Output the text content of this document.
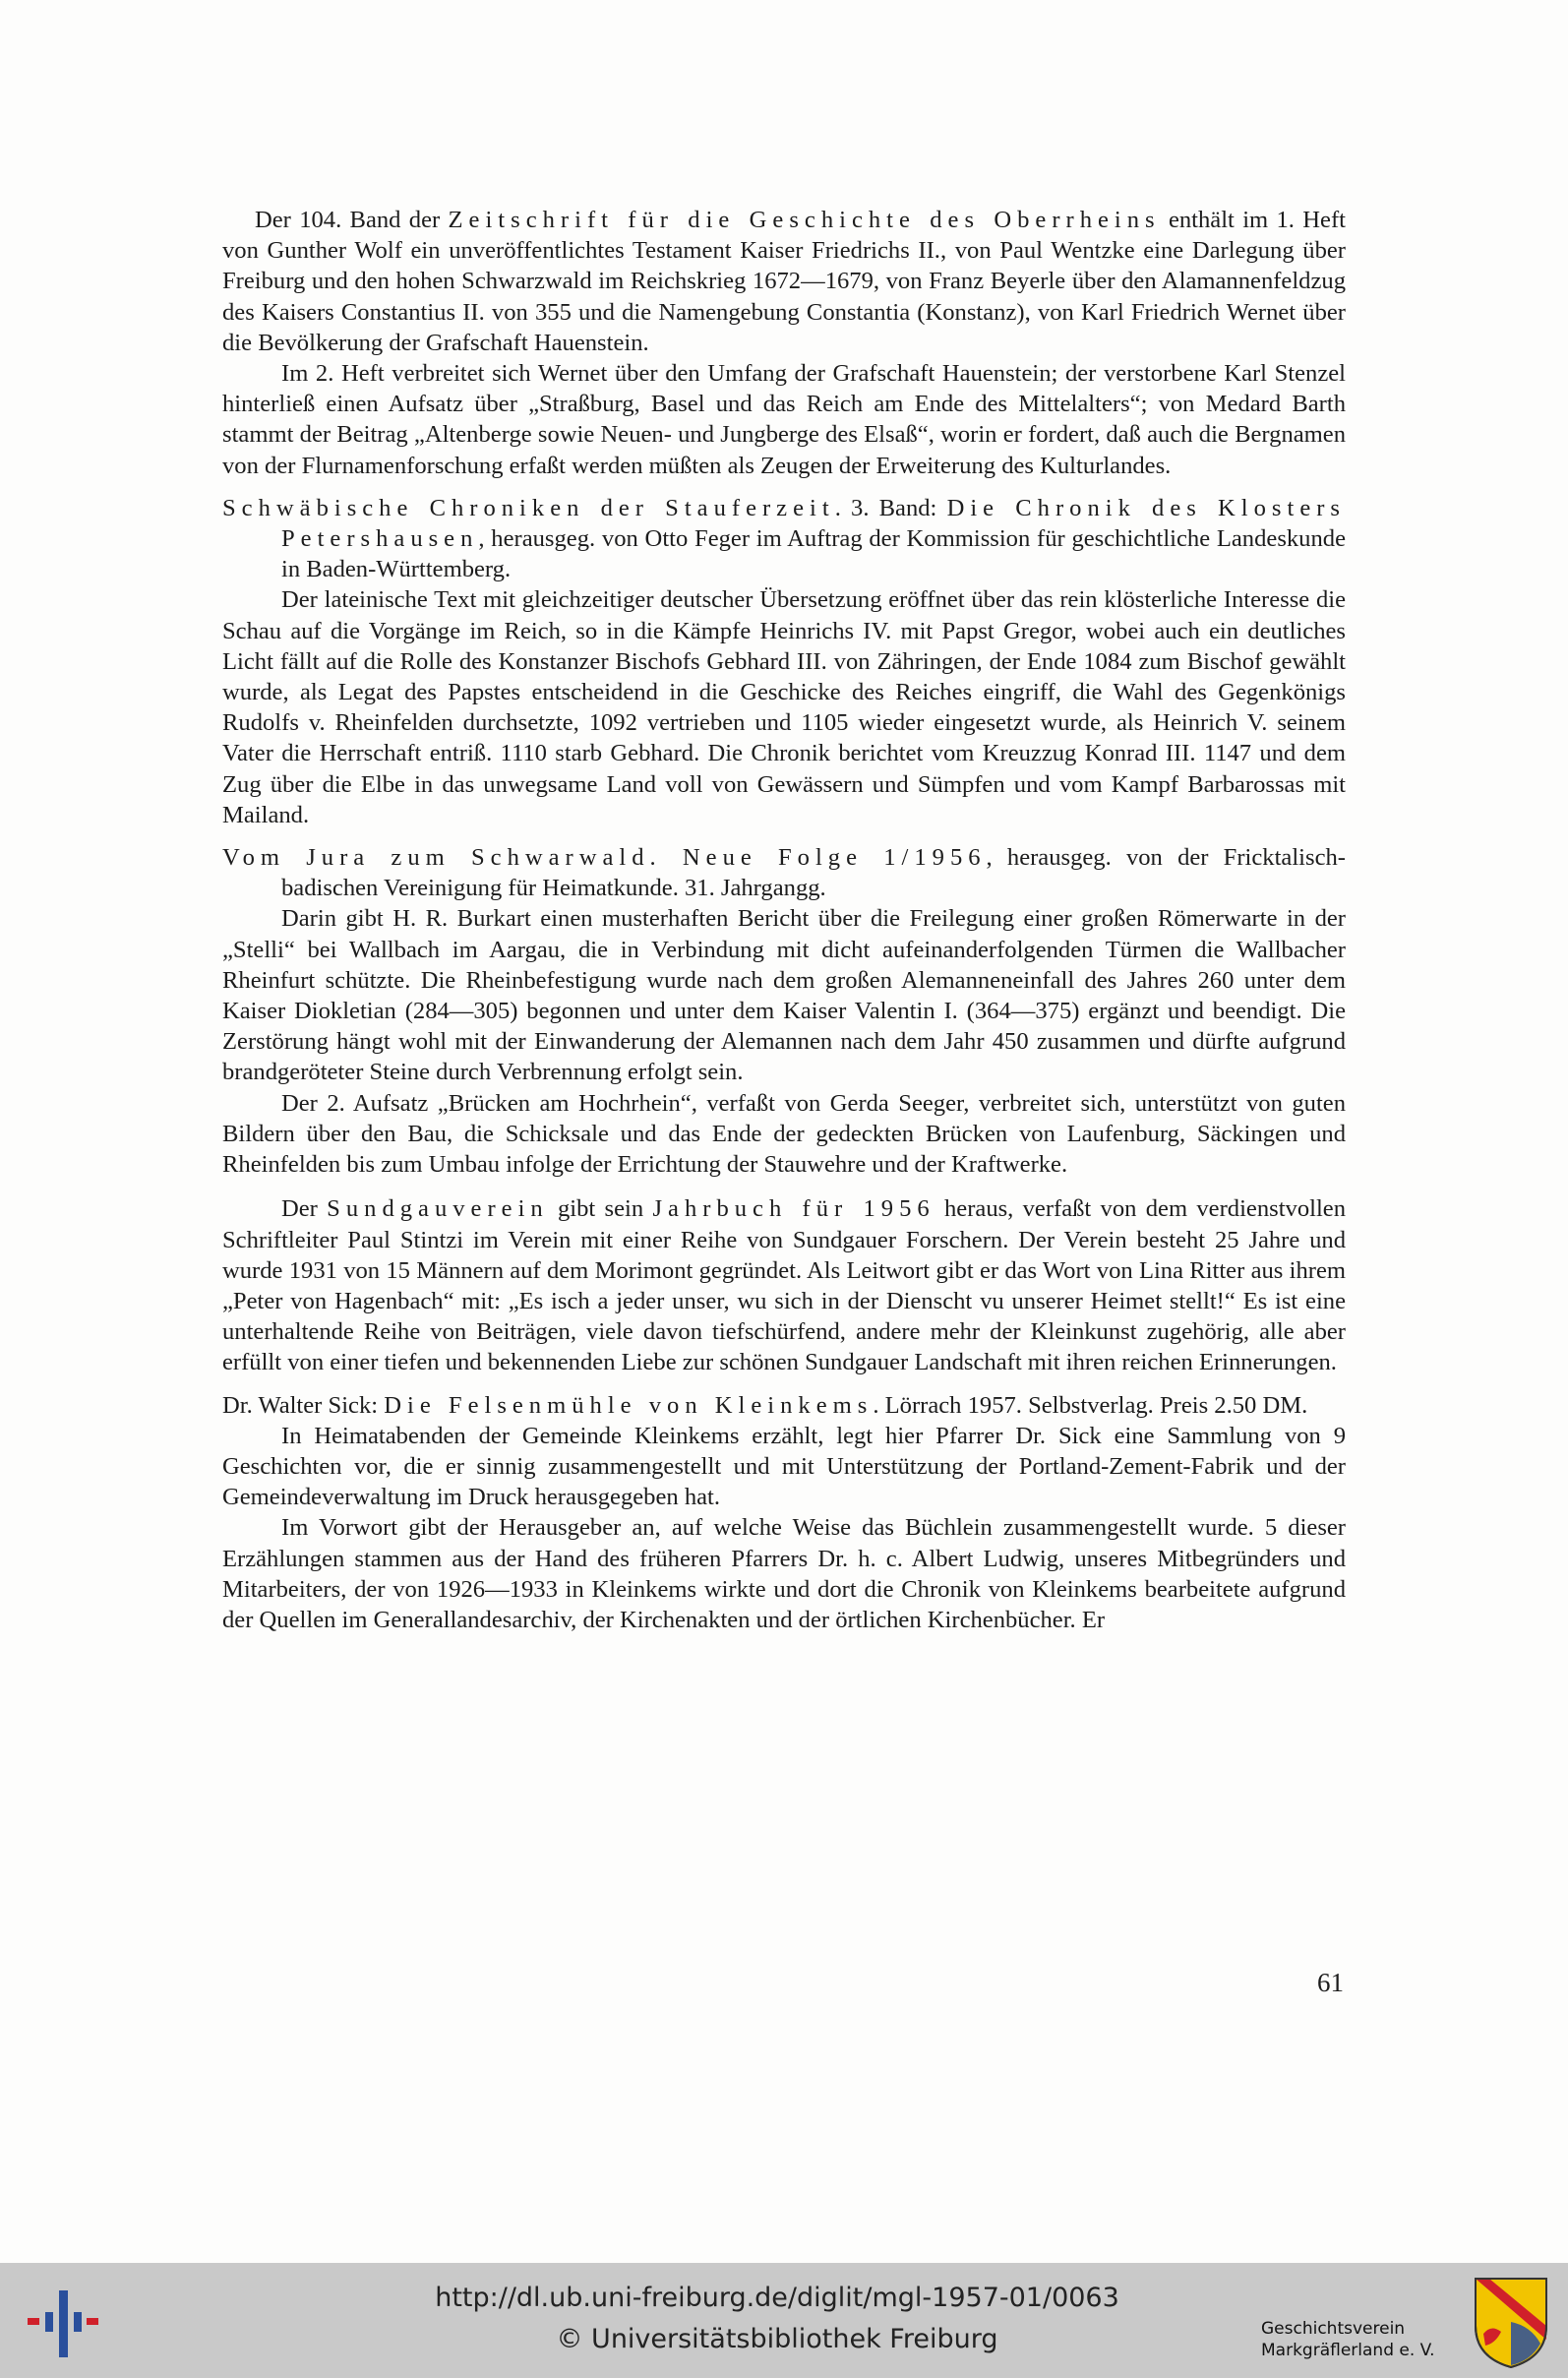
Der 104. Band der Zeitschrift für die Geschichte des Oberrheins enthält im 1. Heft von Gunther Wolf ein unveröffentlichtes Testament Kaiser Friedrichs II., von Paul Wentzke eine Darlegung über Freiburg und den hohen Schwarzwald im Reichskrieg 1672—1679, von Franz Beyerle über den Alamannenfeldzug des Kaisers Constantius II. von 355 und die Namengebung Constantia (Konstanz), von Karl Friedrich Wernet über die Bevölkerung der Grafschaft Hauenstein.

Im 2. Heft verbreitet sich Wernet über den Umfang der Grafschaft Hauenstein; der verstorbene Karl Stenzel hinterließ einen Aufsatz über „Straßburg, Basel und das Reich am Ende des Mittelalters“; von Medard Barth stammt der Beitrag „Altenberge sowie Neuen- und Jungberge des Elsaß“, worin er fordert, daß auch die Bergnamen von der Flurnamenforschung erfaßt werden müßten als Zeugen der Erweiterung des Kulturlandes.

Schwäbische Chroniken der Stauferzeit. 3. Band: Die Chronik des Klosters Petershausen, herausgeg. von Otto Feger im Auftrag der Kommission für geschichtliche Landeskunde in Baden-Württemberg.

Der lateinische Text mit gleichzeitiger deutscher Übersetzung eröffnet über das rein klösterliche Interesse die Schau auf die Vorgänge im Reich, so in die Kämpfe Heinrichs IV. mit Papst Gregor, wobei auch ein deutliches Licht fällt auf die Rolle des Konstanzer Bischofs Gebhard III. von Zähringen, der Ende 1084 zum Bischof gewählt wurde, als Legat des Papstes entscheidend in die Geschicke des Reiches eingriff, die Wahl des Gegenkönigs Rudolfs v. Rheinfelden durchsetzte, 1092 vertrieben und 1105 wieder eingesetzt wurde, als Heinrich V. seinem Vater die Herrschaft entriß. 1110 starb Gebhard. Die Chronik berichtet vom Kreuzzug Konrad III. 1147 und dem Zug über die Elbe in das unwegsame Land voll von Gewässern und Sümpfen und vom Kampf Barbarossas mit Mailand.

Vom Jura zum Schwarwald. Neue Folge 1/1956, herausgeg. von der Fricktalisch-badischen Vereinigung für Heimatkunde. 31. Jahrgangg.

Darin gibt H. R. Burkart einen musterhaften Bericht über die Freilegung einer großen Römerwarte in der „Stelli“ bei Wallbach im Aargau, die in Verbindung mit dicht aufeinanderfolgenden Türmen die Wallbacher Rheinfurt schützte. Die Rheinbefestigung wurde nach dem großen Alemanneneinfall des Jahres 260 unter dem Kaiser Diokletian (284—305) begonnen und unter dem Kaiser Valentin I. (364—375) ergänzt und beendigt. Die Zerstörung hängt wohl mit der Einwanderung der Alemannen nach dem Jahr 450 zusammen und dürfte aufgrund brandgeröteter Steine durch Verbrennung erfolgt sein.

Der 2. Aufsatz „Brücken am Hochrhein“, verfaßt von Gerda Seeger, verbreitet sich, unterstützt von guten Bildern über den Bau, die Schicksale und das Ende der gedeckten Brücken von Laufenburg, Säckingen und Rheinfelden bis zum Umbau infolge der Errichtung der Stauwehre und der Kraftwerke.

Der Sundgauverein gibt sein Jahrbuch für 1956 heraus, verfaßt von dem verdienstvollen Schriftleiter Paul Stintzi im Verein mit einer Reihe von Sundgauer Forschern. Der Verein besteht 25 Jahre und wurde 1931 von 15 Männern auf dem Morimont gegründet. Als Leitwort gibt er das Wort von Lina Ritter aus ihrem „Peter von Hagenbach“ mit: „Es isch a jeder unser, wu sich in der Dienscht vu unserer Heimet stellt!“ Es ist eine unterhaltende Reihe von Beiträgen, viele davon tiefschürfend, andere mehr der Kleinkunst zugehörig, alle aber erfüllt von einer tiefen und bekennenden Liebe zur schönen Sundgauer Landschaft mit ihren reichen Erinnerungen.

Dr. Walter Sick: Die Felsenmühle von Kleinkems. Lörrach 1957. Selbstverlag. Preis 2.50 DM.

In Heimatabenden der Gemeinde Kleinkems erzählt, legt hier Pfarrer Dr. Sick eine Sammlung von 9 Geschichten vor, die er sinnig zusammengestellt und mit Unterstützung der Portland-Zement-Fabrik und der Gemeindeverwaltung im Druck herausgegeben hat.

Im Vorwort gibt der Herausgeber an, auf welche Weise das Büchlein zusammengestellt wurde. 5 dieser Erzählungen stammen aus der Hand des früheren Pfarrers Dr. h. c. Albert Ludwig, unseres Mitbegründers und Mitarbeiters, der von 1926—1933 in Kleinkems wirkte und dort die Chronik von Kleinkems bearbeitete aufgrund der Quellen im Generallandesarchiv, der Kirchenakten und der örtlichen Kirchenbücher. Er

61
http://dl.ub.uni-freiburg.de/diglit/mgl-1957-01/0063
© Universitätsbibliothek Freiburg	Geschichtsverein
Markgräflerland e. V.
